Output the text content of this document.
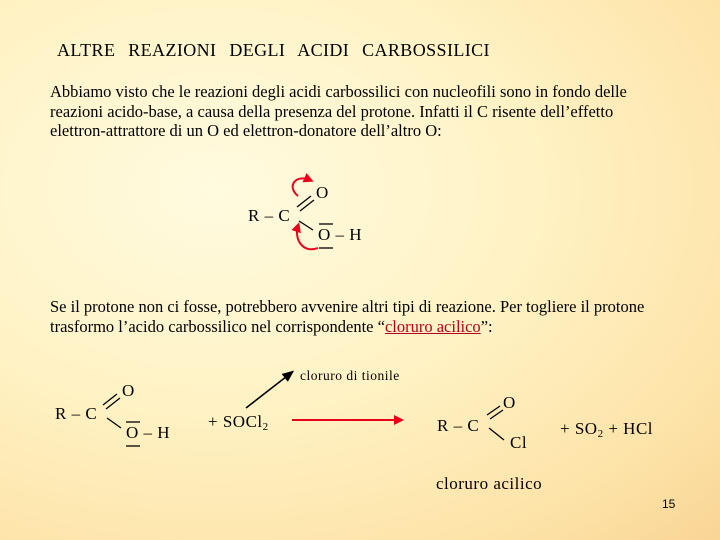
ALTRE REAZIONI DEGLI ACIDI CARBOSSILICI
Abbiamo visto che le reazioni degli acidi carbossilici con nucleofili sono in fondo delle reazioni acido-base, a causa della presenza del protone. Infatti il C risente dell’effetto elettron-attrattore di un O ed elettron-donatore dell’altro O:
R – C
O
O – H
Se il protone non ci fosse, potrebbero avvenire altri tipi di reazione. Per togliere il protone trasformo l’acido carbossilico nel corrispondente “cloruro acilico”:
R – C
O
O – H
+ SOCl$_2$
cloruro di tionile
R – C
O
Cl
+ $SO_2$ + HCl
cloruro acilico
15
